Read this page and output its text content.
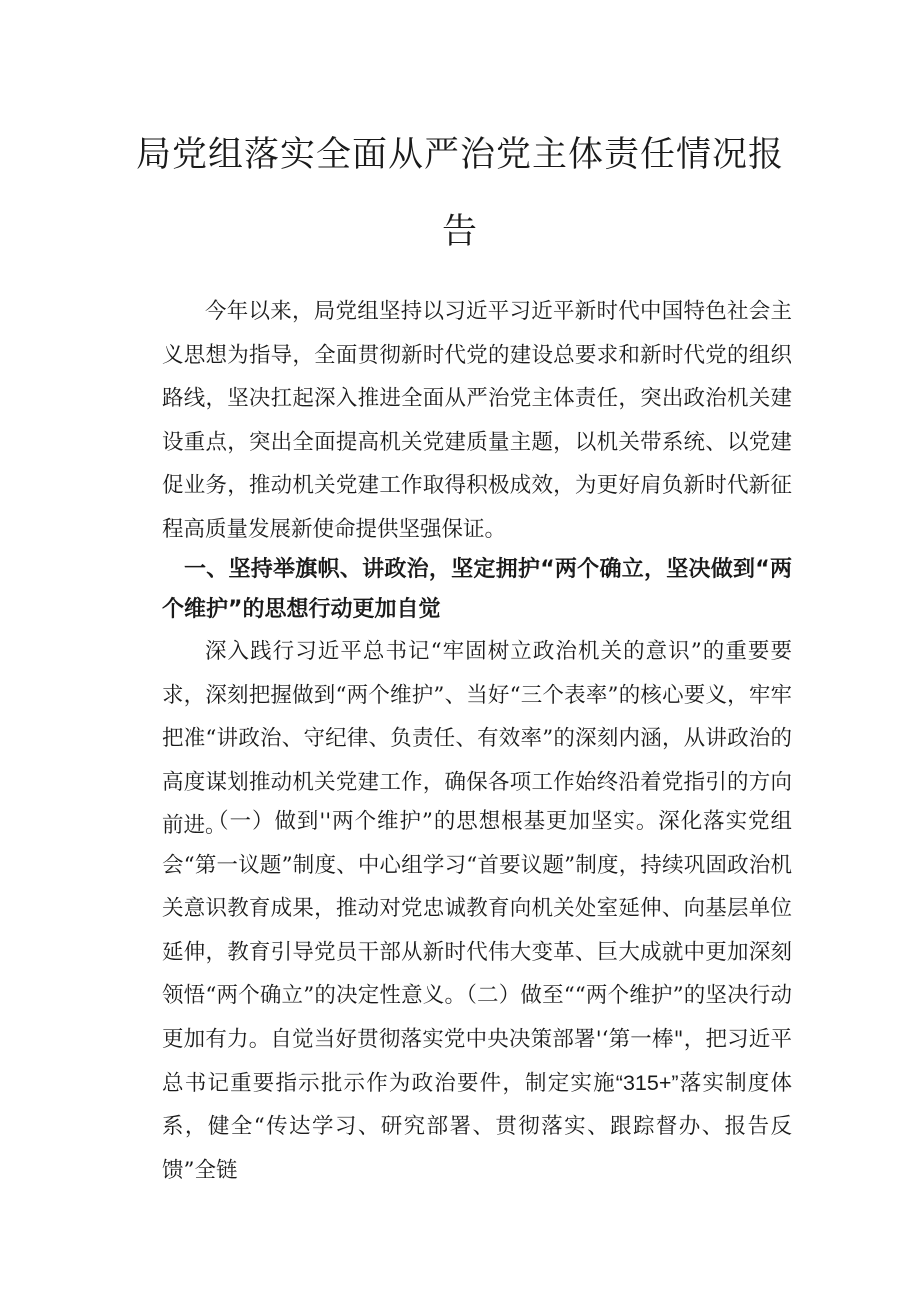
局党组落实全面从严治党主体责任情况报
告

今年以来，局党组坚持以习近平习近平新时代中国特色社会主义思想为指导，全面贯彻新时代党的建设总要求和新时代党的组织路线，坚决扛起深入推进全面从严治党主体责任，突出政治机关建设重点，突出全面提高机关党建质量主题，以机关带系统、以党建促业务，推动机关党建工作取得积极成效，为更好肩负新时代新征程高质量发展新使命提供坚强保证。

一、坚持举旗帜、讲政治，坚定拥护“两个确立，坚决做到“两个维护”的思想行动更加自觉

深入践行习近平总书记“牢固树立政治机关的意识”的重要要求，深刻把握做到“两个维护”、当好“三个表率”的核心要义，牢牢把准“讲政治、守纪律、负责任、有效率”的深刻内涵，从讲政治的高度谋划推动机关党建工作，确保各项工作始终沿着党指引的方向前进。

（一）做到''两个维护”的思想根基更加坚实。深化落实党组会“第一议题”制度、中心组学习“首要议题”制度，持续巩固政治机关意识教育成果，推动对党忠诚教育向机关处室延伸、向基层单位延伸，教育引导党员干部从新时代伟大变革、巨大成就中更加深刻领悟“两个确立”的决定性意义。（二）做至““两个维护”的坚决行动更加有力。自觉当好贯彻落实党中央决策部署'‘第一棒"，把习近平总书记重要指示批示作为政治要件，制定实施“315+”落实制度体系，健全“传达学习、研究部署、贯彻落实、跟踪督办、报告反馈”全链
